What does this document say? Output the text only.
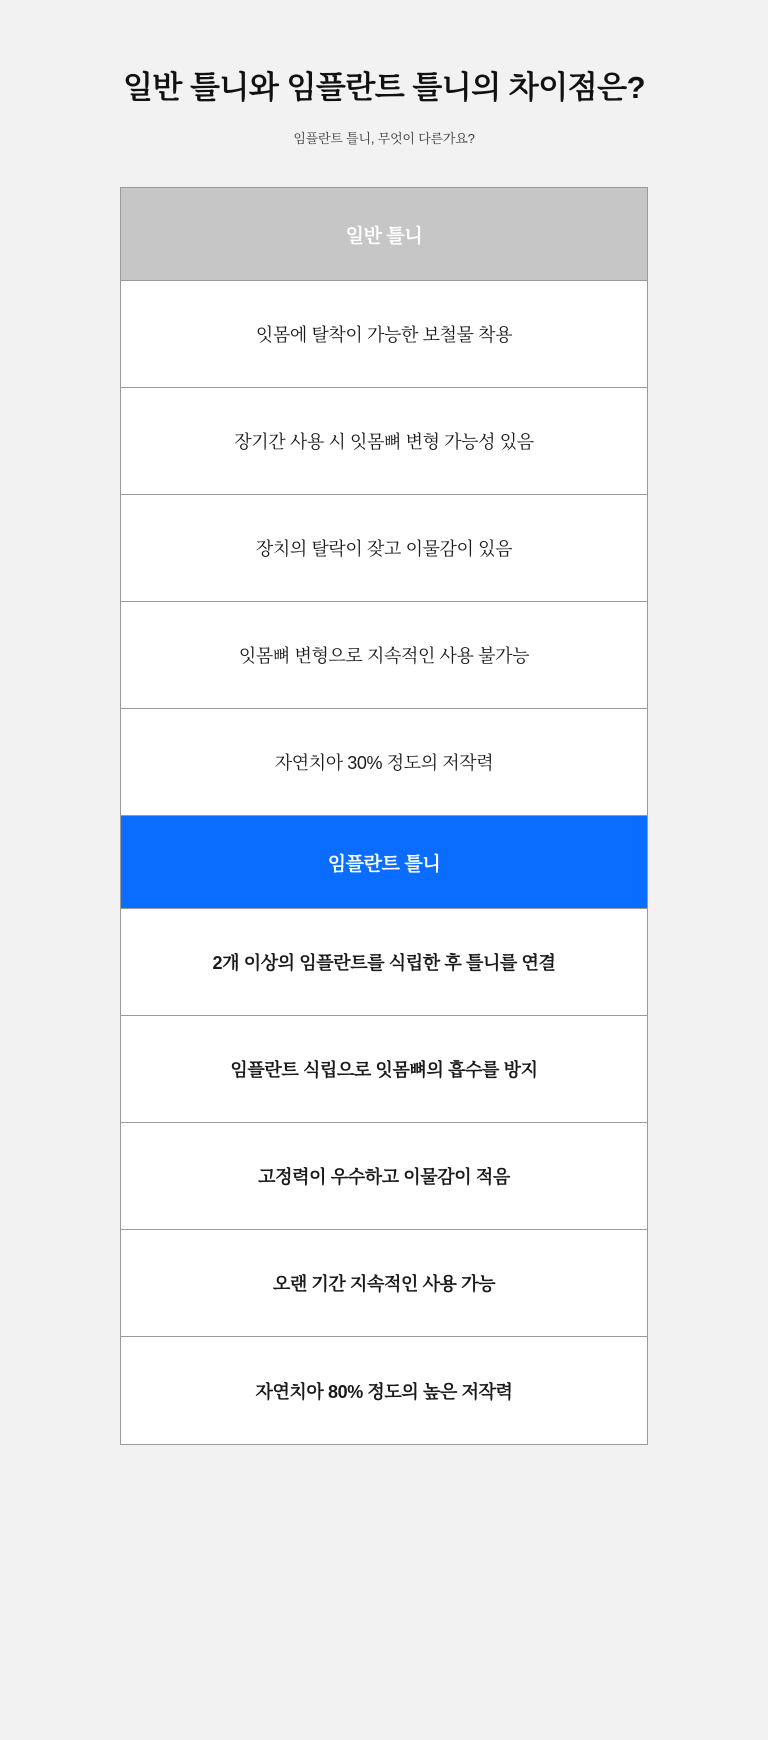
일반 틀니와 임플란트 틀니의 차이점은?

임플란트 틀니, 무엇이 다른가요?

일반 틀니
잇몸에 탈착이 가능한 보철물 착용
장기간 사용 시 잇몸뼈 변형 가능성 있음
장치의 탈락이 잦고 이물감이 있음
잇몸뼈 변형으로 지속적인 사용 불가능
자연치아 30% 정도의 저작력
임플란트 틀니
2개 이상의 임플란트를 식립한 후 틀니를 연결
임플란트 식립으로 잇몸뼈의 흡수를 방지
고정력이 우수하고 이물감이 적음
오랜 기간 지속적인 사용 가능
자연치아 80% 정도의 높은 저작력
